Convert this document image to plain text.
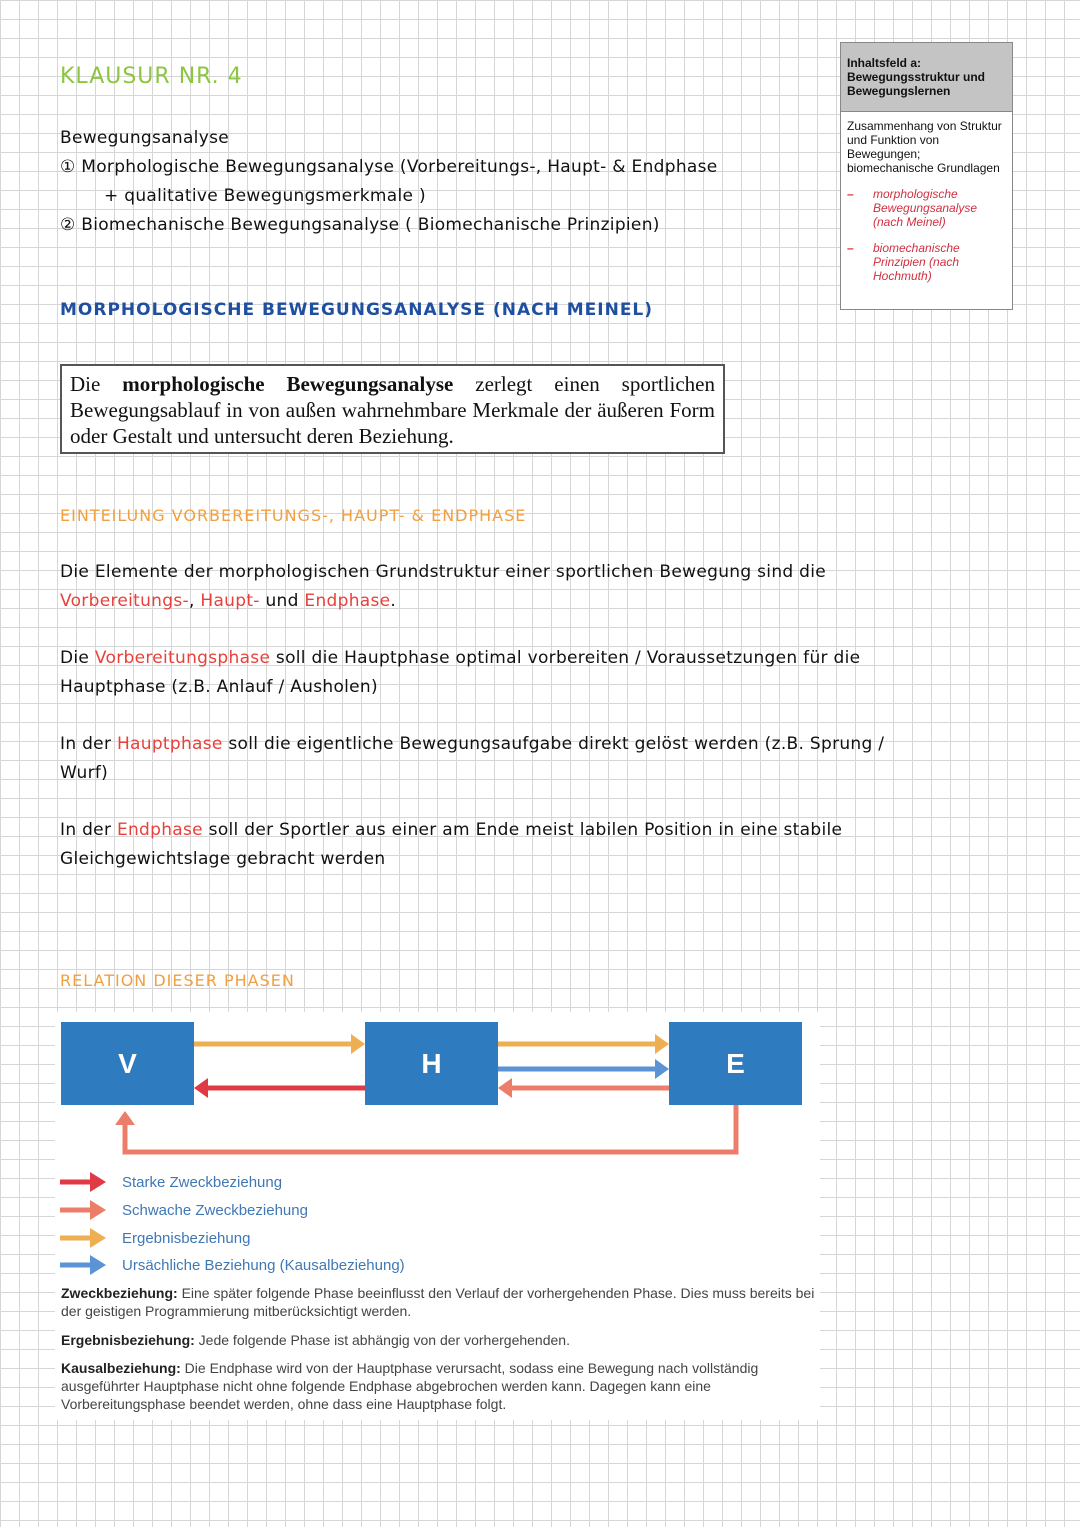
KLAUSUR NR. 4
Bewegungsanalyse
① Morphologische Bewegungsanalyse (Vorbereitungs-, Haupt- & Endphase
+ qualitative Bewegungsmerkmale )
② Biomechanische Bewegungsanalyse ( Biomechanische Prinzipien)
Inhaltsfeld a: Bewegungsstruktur und Bewegungslernen
Zusammenhang von Struktur und Funktion von Bewegungen; biomechanische Grundlagen
–	morphologische Bewegungsanalyse (nach Meinel)
–	biomechanische Prinzipien (nach Hochmuth)
MORPHOLOGISCHE BEWEGUNGSANALYSE (NACH MEINEL)
Die morphologische Bewegungsanalyse zerlegt einen sportlichen Bewegungsablauf in von außen wahrnehmbare Merkmale der äußeren Form oder Gestalt und untersucht deren Beziehung.
EINTEILUNG VORBEREITUNGS-, HAUPT- & ENDPHASE
Die Elemente der morphologischen Grundstruktur einer sportlichen Bewegung sind die
Vorbereitungs-, Haupt- und Endphase.
Die Vorbereitungsphase soll die Hauptphase optimal vorbereiten / Voraussetzungen für die
Hauptphase (z.B. Anlauf / Ausholen)
In der Hauptphase soll die eigentliche Bewegungsaufgabe direkt gelöst werden (z.B. Sprung /
Wurf)
In der Endphase soll der Sportler aus einer am Ende meist labilen Position in eine stabile
Gleichgewichtslage gebracht werden
RELATION DIESER PHASEN
V	H	E
Starke Zweckbeziehung
Schwache Zweckbeziehung
Ergebnisbeziehung
Ursächliche Beziehung (Kausalbeziehung)
Zweckbeziehung: Eine später folgende Phase beeinflusst den Verlauf der vorhergehenden Phase. Dies muss bereits bei der geistigen Programmierung mitberücksichtigt werden.
Ergebnisbeziehung: Jede folgende Phase ist abhängig von der vorhergehenden.
Kausalbeziehung: Die Endphase wird von der Hauptphase verursacht, sodass eine Bewegung nach vollständig ausgeführter Hauptphase nicht ohne folgende Endphase abgebrochen werden kann. Dagegen kann eine Vorbereitungsphase beendet werden, ohne dass eine Hauptphase folgt.
